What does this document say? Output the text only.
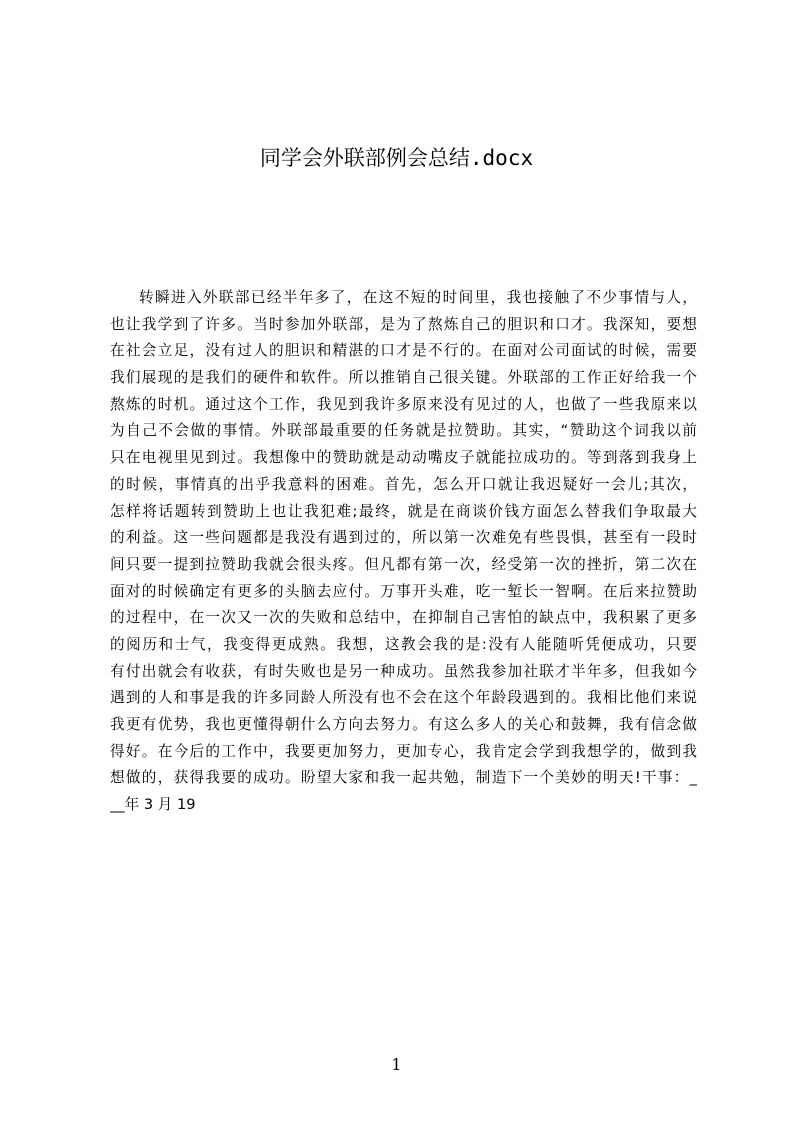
同学会外联部例会总结.docx
转瞬进入外联部已经半年多了，在这不短的时间里，我也接触了不少事情与人，
也让我学到了许多。当时参加外联部，是为了熬炼自己的胆识和口才。我深知，要想
在社会立足，没有过人的胆识和精湛的口才是不行的。在面对公司面试的时候，需要
我们展现的是我们的硬件和软件。所以推销自己很关键。外联部的工作正好给我一个
熬炼的时机。通过这个工作，我见到我许多原来没有见过的人，也做了一些我原来以
为自己不会做的事情。外联部最重要的任务就是拉赞助。其实，“赞助这个词我以前
只在电视里见到过。我想像中的赞助就是动动嘴皮子就能拉成功的。等到落到我身上
的时候，事情真的出乎我意料的困难。首先，怎么开口就让我迟疑好一会儿;其次，
怎样将话题转到赞助上也让我犯难;最终，就是在商谈价钱方面怎么替我们争取最大
的利益。这一些问题都是我没有遇到过的，所以第一次难免有些畏惧，甚至有一段时
间只要一提到拉赞助我就会很头疼。但凡都有第一次，经受第一次的挫折，第二次在
面对的时候确定有更多的头脑去应付。万事开头难，吃一堑长一智啊。在后来拉赞助
的过程中，在一次又一次的失败和总结中，在抑制自己害怕的缺点中，我积累了更多
的阅历和士气，我变得更成熟。我想，这教会我的是:没有人能随听凭便成功，只要
有付出就会有收获，有时失败也是另一种成功。虽然我参加社联才半年多，但我如今
遇到的人和事是我的许多同龄人所没有也不会在这个年龄段遇到的。我相比他们来说
我更有优势，我也更懂得朝什么方向去努力。有这么多人的关心和鼓舞，我有信念做
得好。在今后的工作中，我要更加努力，更加专心，我肯定会学到我想学的，做到我
想做的，获得我要的成功。盼望大家和我一起共勉，制造下一个美妙的明天!干事：_
__年 3 月 19
1
